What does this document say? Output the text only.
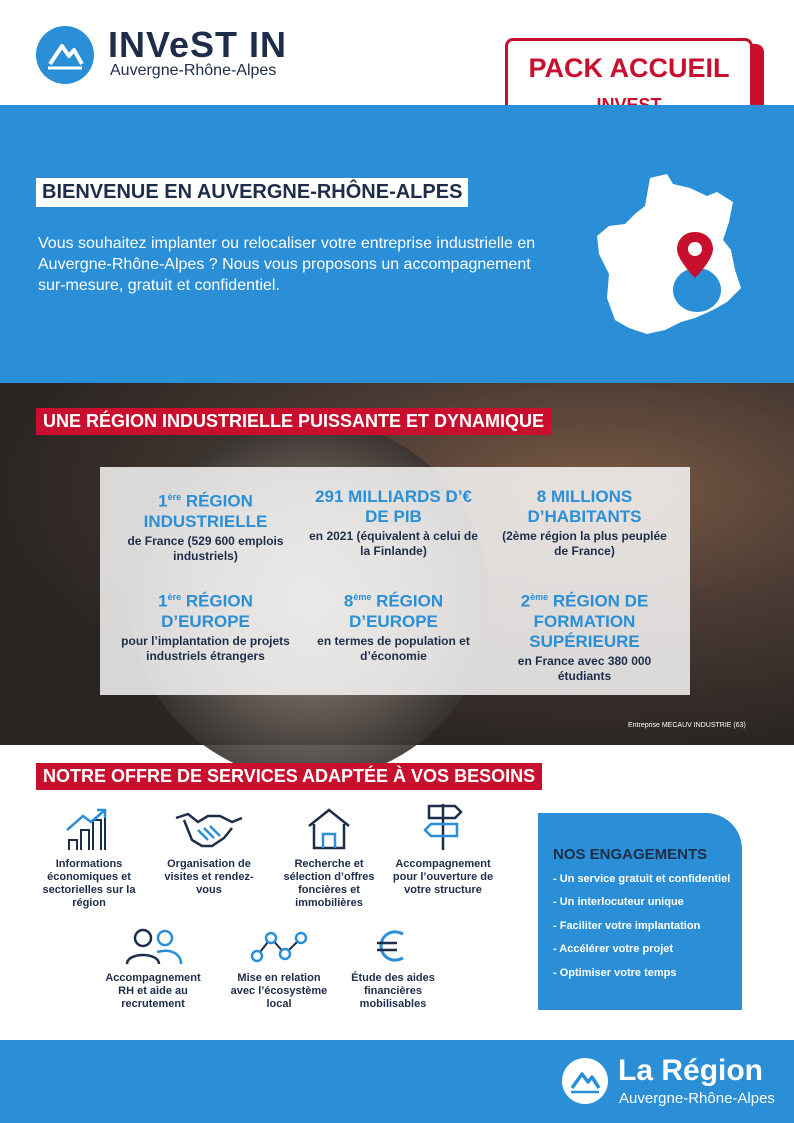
INVeST IN
Auvergne-Rhône-Alpes	PACK ACCUEIL
BIENVENUE EN AUVERGNE-RHÔNE-ALPES
Vous souhaitez implanter ou relocaliser votre entreprise industrielle en Auvergne-Rhône-Alpes ? Nous vous proposons un accompagnement sur-mesure, gratuit et confidentiel.
UNE RÉGION INDUSTRIELLE PUISSANTE ET DYNAMIQUE
1ère RÉGION INDUSTRIELLE
de France (529 600 emplois industriels)
291 MILLIARDS D’€ DE PIB
en 2021 (équivalent à celui de la Finlande)
8 MILLIONS D’HABITANTS
(2ème région la plus peuplée de France)
1ère RÉGION D’EUROPE
pour l’implantation de projets industriels étrangers
8ème RÉGION D’EUROPE
en termes de population et d’économie
2ème RÉGION DE FORMATION SUPÉRIEURE
en France avec 380 000 étudiants
Entreprise MECAUV INDUSTRIE (63)
NOTRE OFFRE DE SERVICES ADAPTÉE À VOS BESOINS
Informations économiques et sectorielles sur la région
Organisation de visites et rendez-vous
Recherche et sélection d’offres foncières et immobilières
Accompagnement pour l’ouverture de votre structure
Accompagnement RH et aide au recrutement
Mise en relation avec l’écosystème local
Étude des aides financières mobilisables
NOS ENGAGEMENTS
- Un service gratuit et confidentiel
- Un interlocuteur unique
- Faciliter votre implantation
- Accélérer votre projet
- Optimiser votre temps
La Région
Auvergne-Rhône-Alpes
